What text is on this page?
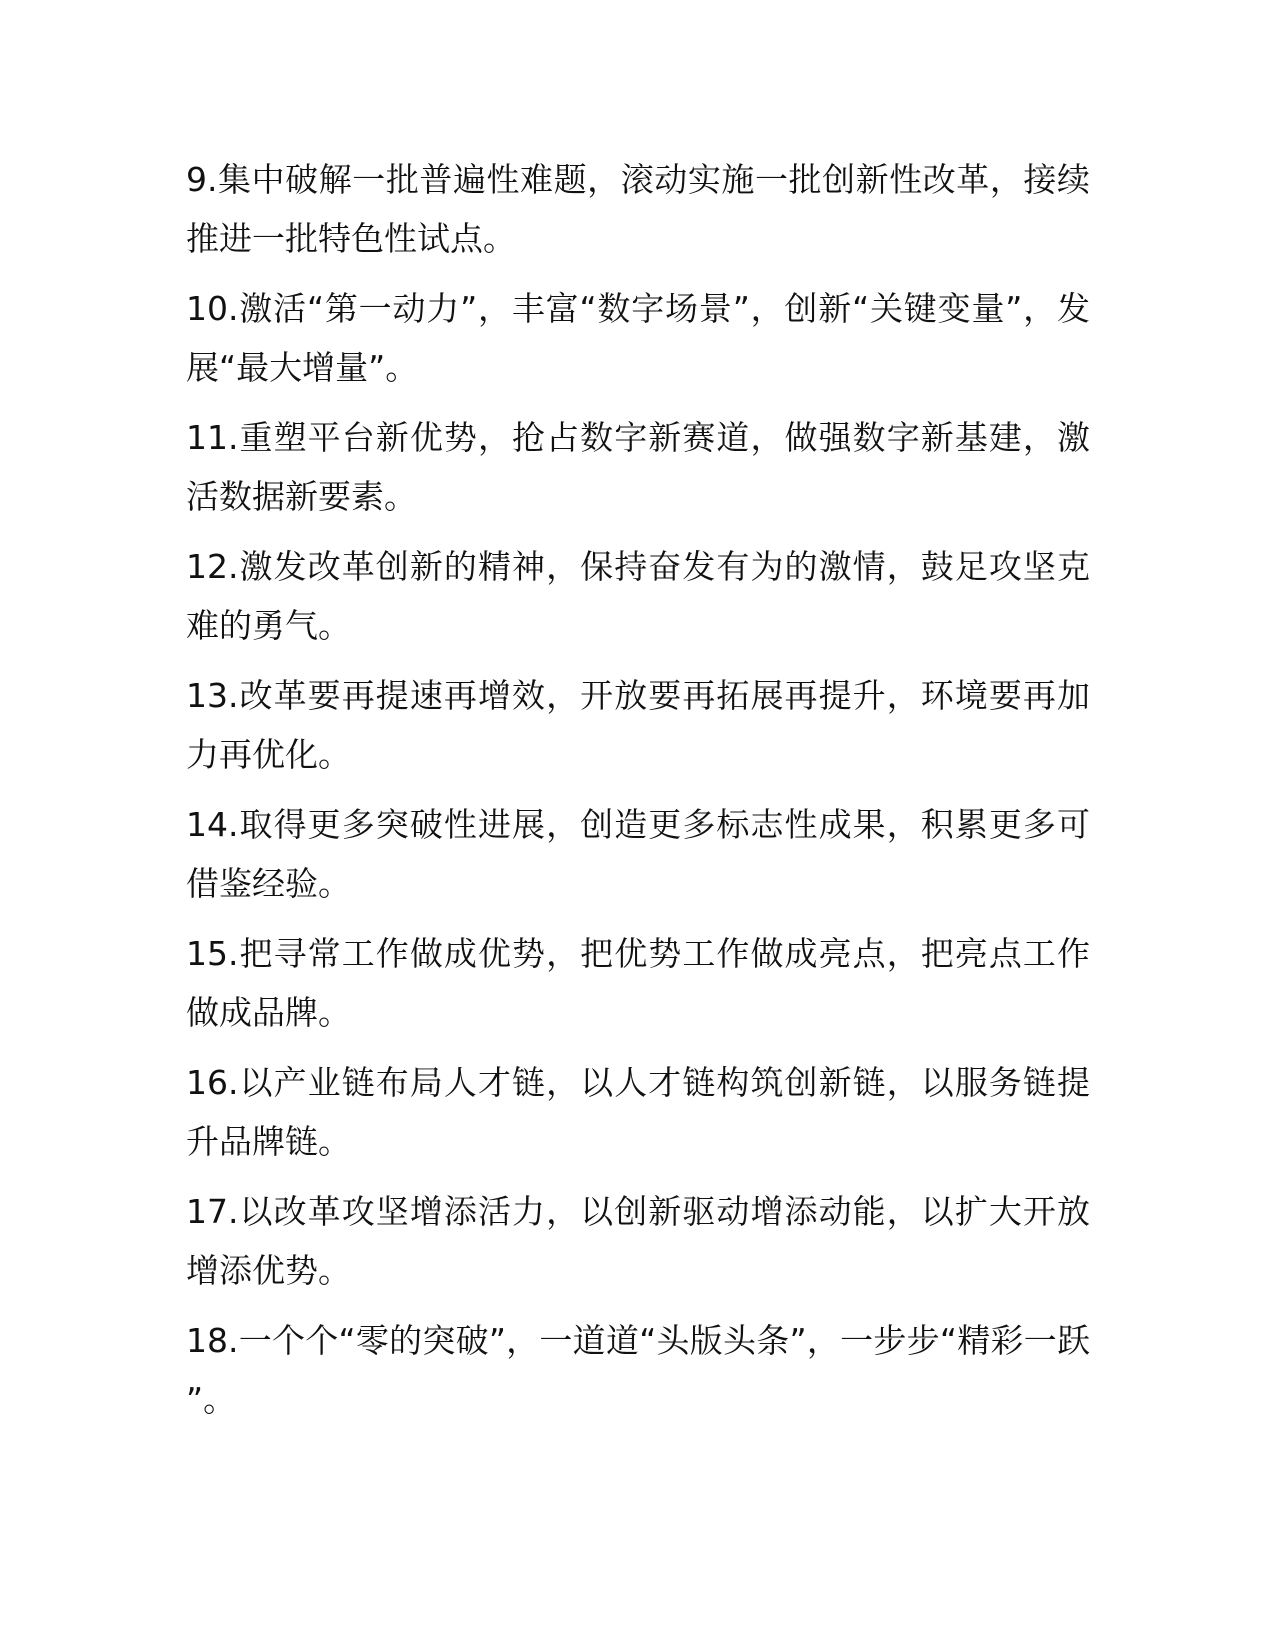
9.集中破解一批普遍性难题，滚动实施一批创新性改革，接续推进一批特色性试点。

10.激活“第一动力”，丰富“数字场景”，创新“关键变量”，发展“最大增量”。

11.重塑平台新优势，抢占数字新赛道，做强数字新基建，激活数据新要素。

12.激发改革创新的精神，保持奋发有为的激情，鼓足攻坚克难的勇气。

13.改革要再提速再增效，开放要再拓展再提升，环境要再加力再优化。

14.取得更多突破性进展，创造更多标志性成果，积累更多可借鉴经验。

15.把寻常工作做成优势，把优势工作做成亮点，把亮点工作做成品牌。

16.以产业链布局人才链，以人才链构筑创新链，以服务链提升品牌链。

17.以改革攻坚增添活力，以创新驱动增添动能，以扩大开放增添优势。

18.一个个“零的突破”，一道道“头版头条”，一步步“精彩一跃”。
